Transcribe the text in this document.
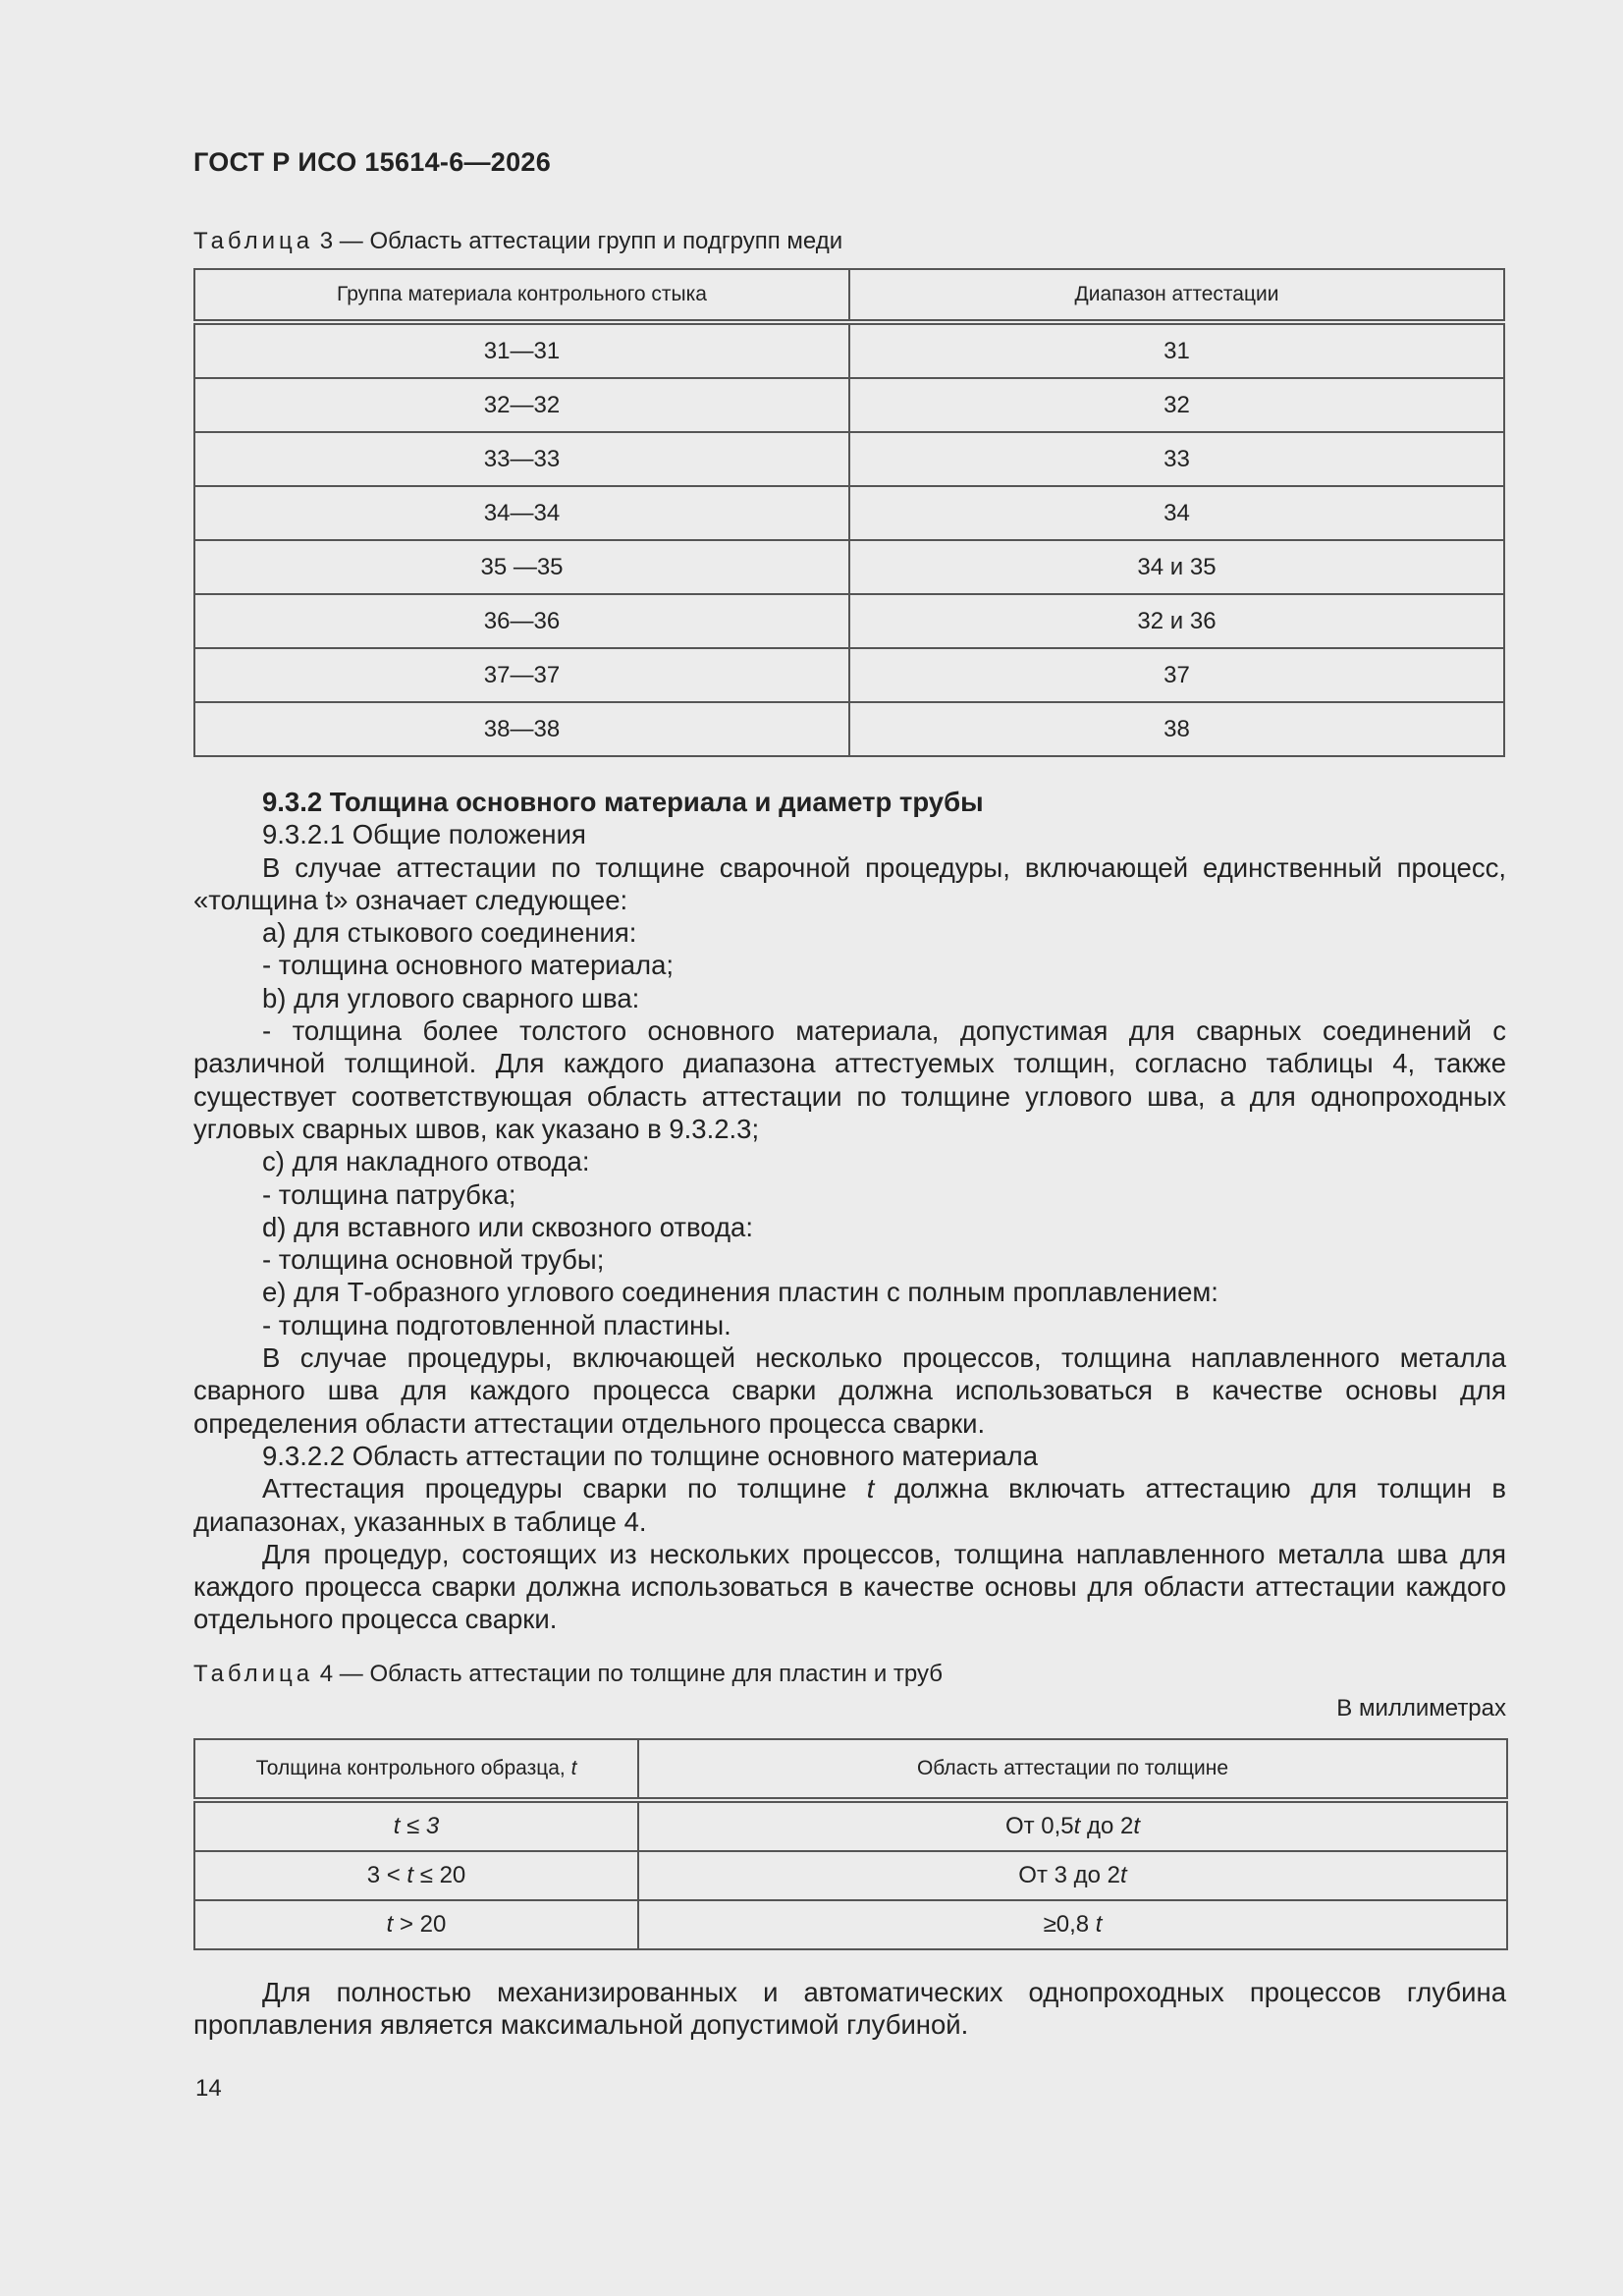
ГОСТ Р ИСО 15614-6—2026
Таблица 3 — Область аттестации групп и подгрупп меди
Группа материала контрольного стыка	Диапазон аттестации
31—31	31
32—32	32
33—33	33
34—34	34
35 —35	34 и 35
36—36	32 и 36
37—37	37
38—38	38

9.3.2 Толщина основного материала и диаметр трубы

9.3.2.1 Общие положения

В случае аттестации по толщине сварочной процедуры, включающей единственный процесс, «толщина t» означает следующее:

a) для стыкового соединения:

- толщина основного материала;

b) для углового сварного шва:

- толщина более толстого основного материала, допустимая для сварных соединений с различной толщиной. Для каждого диапазона аттестуемых толщин, согласно таблицы 4, также существует соответствующая область аттестации по толщине углового шва, а для однопроходных угловых сварных швов, как указано в 9.3.2.3;

c) для накладного отвода:

- толщина патрубка;

d) для вставного или сквозного отвода:

- толщина основной трубы;

e) для Т-образного углового соединения пластин с полным проплавлением:

- толщина подготовленной пластины.

В случае процедуры, включающей несколько процессов, толщина наплавленного металла сварного шва для каждого процесса сварки должна использоваться в качестве основы для определения области аттестации отдельного процесса сварки.

9.3.2.2 Область аттестации по толщине основного материала

Аттестация процедуры сварки по толщине t должна включать аттестацию для толщин в диапазонах, указанных в таблице 4.

Для процедур, состоящих из нескольких процессов, толщина наплавленного металла шва для каждого процесса сварки должна использоваться в качестве основы для области аттестации каждого отдельного процесса сварки.

Таблица 4 — Область аттестации по толщине для пластин и труб
В миллиметрах
Толщина контрольного образца, t	Область аттестации по толщине
t ≤ 3	От 0,5t до 2t
3 < t ≤ 20	От 3 до 2t
t > 20	≥0,8 t

Для полностью механизированных и автоматических однопроходных процессов глубина проплавления является максимальной допустимой глубиной.

14
